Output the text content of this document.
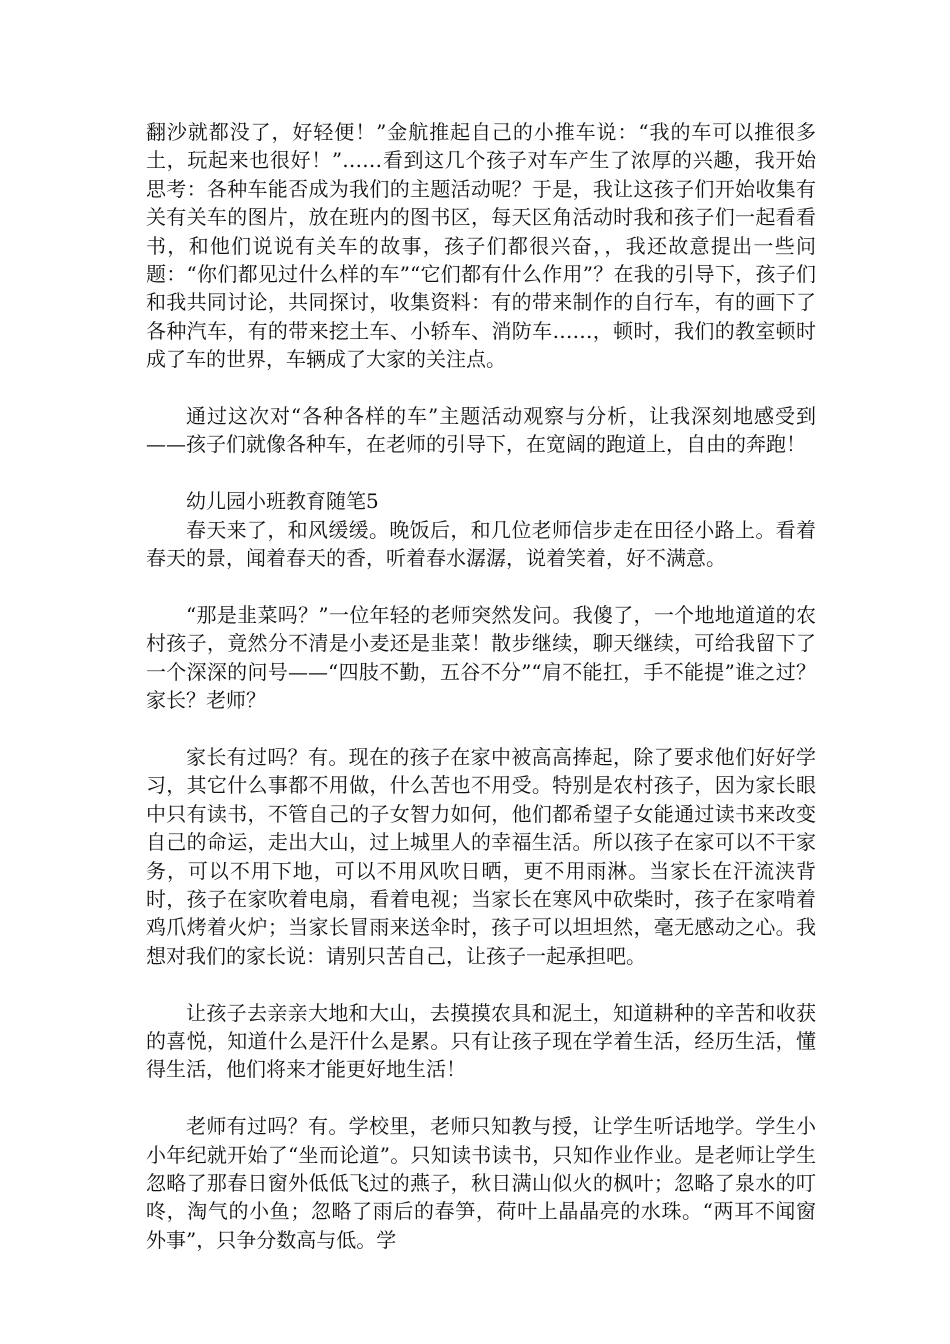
翻沙就都没了，好轻便！”金航推起自己的小推车说：“我的车可以推很多土，玩起来也很好！”……看到这几个孩子对车产生了浓厚的兴趣，我开始思考：各种车能否成为我们的主题活动呢？于是，我让这孩子们开始收集有关有关车的图片，放在班内的图书区，每天区角活动时我和孩子们一起看看书，和他们说说有关车的故事，孩子们都很兴奋，，我还故意提出一些问题：“你们都见过什么样的车”“它们都有什么作用”？在我的引导下，孩子们和我共同讨论，共同探讨，收集资料：有的带来制作的自行车，有的画下了各种汽车，有的带来挖土车、小轿车、消防车……，顿时，我们的教室顿时成了车的世界，车辆成了大家的关注点。

通过这次对“各种各样的车”主题活动观察与分析，让我深刻地感受到——孩子们就像各种车，在老师的引导下，在宽阔的跑道上，自由的奔跑！

幼儿园小班教育随笔5

春天来了，和风缓缓。晚饭后，和几位老师信步走在田径小路上。看着春天的景，闻着春天的香，听着春水潺潺，说着笑着，好不满意。

“那是韭菜吗？”一位年轻的老师突然发问。我傻了，一个地地道道的农村孩子，竟然分不清是小麦还是韭菜！散步继续，聊天继续，可给我留下了一个深深的问号——“四肢不勤，五谷不分”“肩不能扛，手不能提”谁之过？家长？老师？

家长有过吗？有。现在的孩子在家中被高高捧起，除了要求他们好好学习，其它什么事都不用做，什么苦也不用受。特别是农村孩子，因为家长眼中只有读书，不管自己的子女智力如何，他们都希望子女能通过读书来改变自己的命运，走出大山，过上城里人的幸福生活。所以孩子在家可以不干家务，可以不用下地，可以不用风吹日晒，更不用雨淋。当家长在汗流浃背时，孩子在家吹着电扇，看着电视；当家长在寒风中砍柴时，孩子在家啃着鸡爪烤着火炉；当家长冒雨来送伞时，孩子可以坦坦然，毫无感动之心。我想对我们的家长说：请别只苦自己，让孩子一起承担吧。

让孩子去亲亲大地和大山，去摸摸农具和泥土，知道耕种的辛苦和收获的喜悦，知道什么是汗什么是累。只有让孩子现在学着生活，经历生活，懂得生活，他们将来才能更好地生活！

老师有过吗？有。学校里，老师只知教与授，让学生听话地学。学生小小年纪就开始了“坐而论道”。只知读书读书，只知作业作业。是老师让学生忽略了那春日窗外低低飞过的燕子，秋日满山似火的枫叶；忽略了泉水的叮咚，淘气的小鱼；忽略了雨后的春笋，荷叶上晶晶亮的水珠。“两耳不闻窗外事”，只争分数高与低。学
